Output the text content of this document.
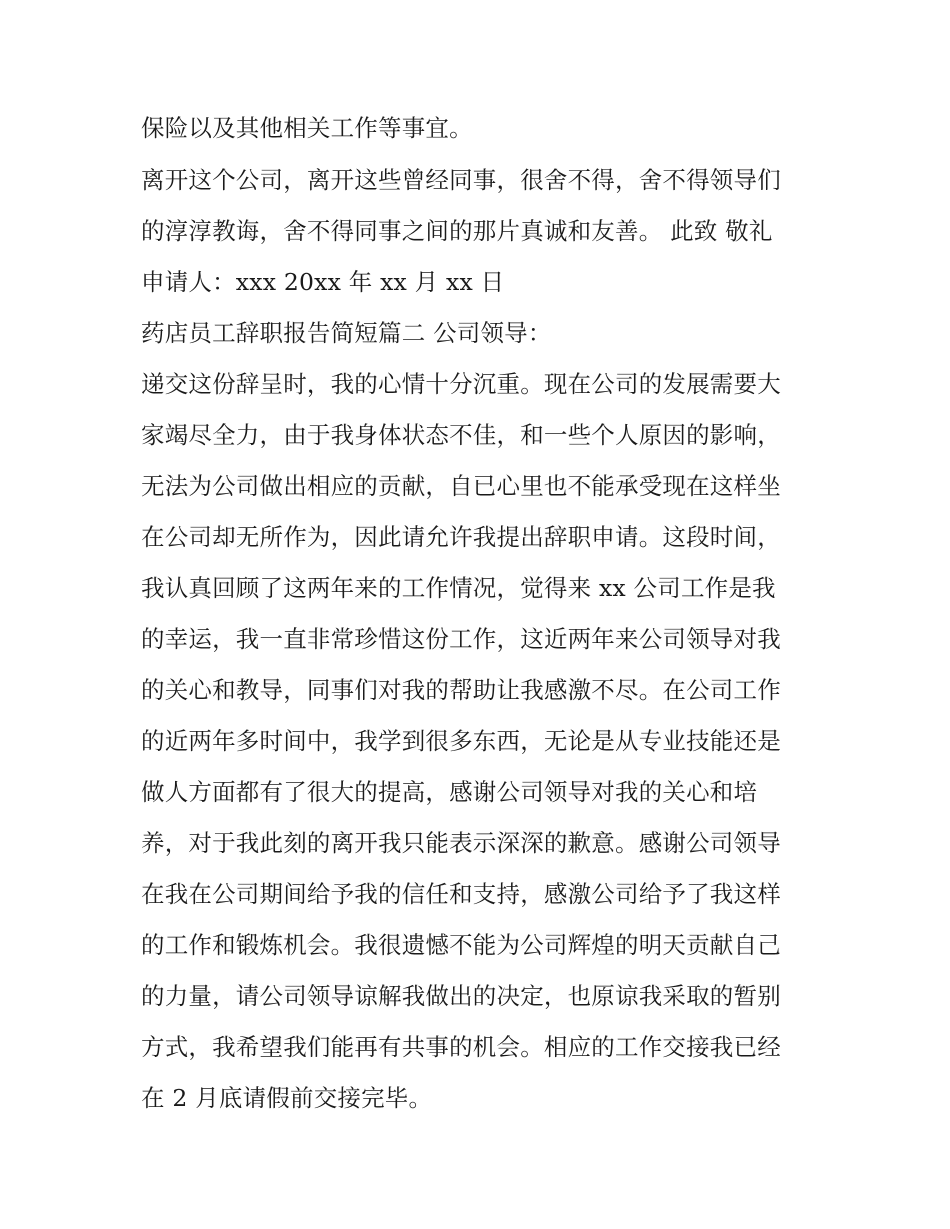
保险以及其他相关工作等事宜。
离开这个公司，离开这些曾经同事，很舍不得，舍不得领导们
的淳淳教诲，舍不得同事之间的那片真诚和友善。 此致 敬礼
申请人：xxx 20xx 年 xx 月 xx 日
药店员工辞职报告简短篇二 公司领导：
递交这份辞呈时，我的心情十分沉重。现在公司的发展需要大
家竭尽全力，由于我身体状态不佳，和一些个人原因的影响，
无法为公司做出相应的贡献，自已心里也不能承受现在这样坐
在公司却无所作为，因此请允许我提出辞职申请。这段时间，
我认真回顾了这两年来的工作情况，觉得来 xx 公司工作是我
的幸运，我一直非常珍惜这份工作，这近两年来公司领导对我
的关心和教导，同事们对我的帮助让我感激不尽。在公司工作
的近两年多时间中，我学到很多东西，无论是从专业技能还是
做人方面都有了很大的提高，感谢公司领导对我的关心和培
养，对于我此刻的离开我只能表示深深的歉意。感谢公司领导
在我在公司期间给予我的信任和支持，感激公司给予了我这样
的工作和锻炼机会。我很遗憾不能为公司辉煌的明天贡献自己
的力量，请公司领导谅解我做出的决定，也原谅我采取的暂别
方式，我希望我们能再有共事的机会。相应的工作交接我已经
在 2 月底请假前交接完毕。
